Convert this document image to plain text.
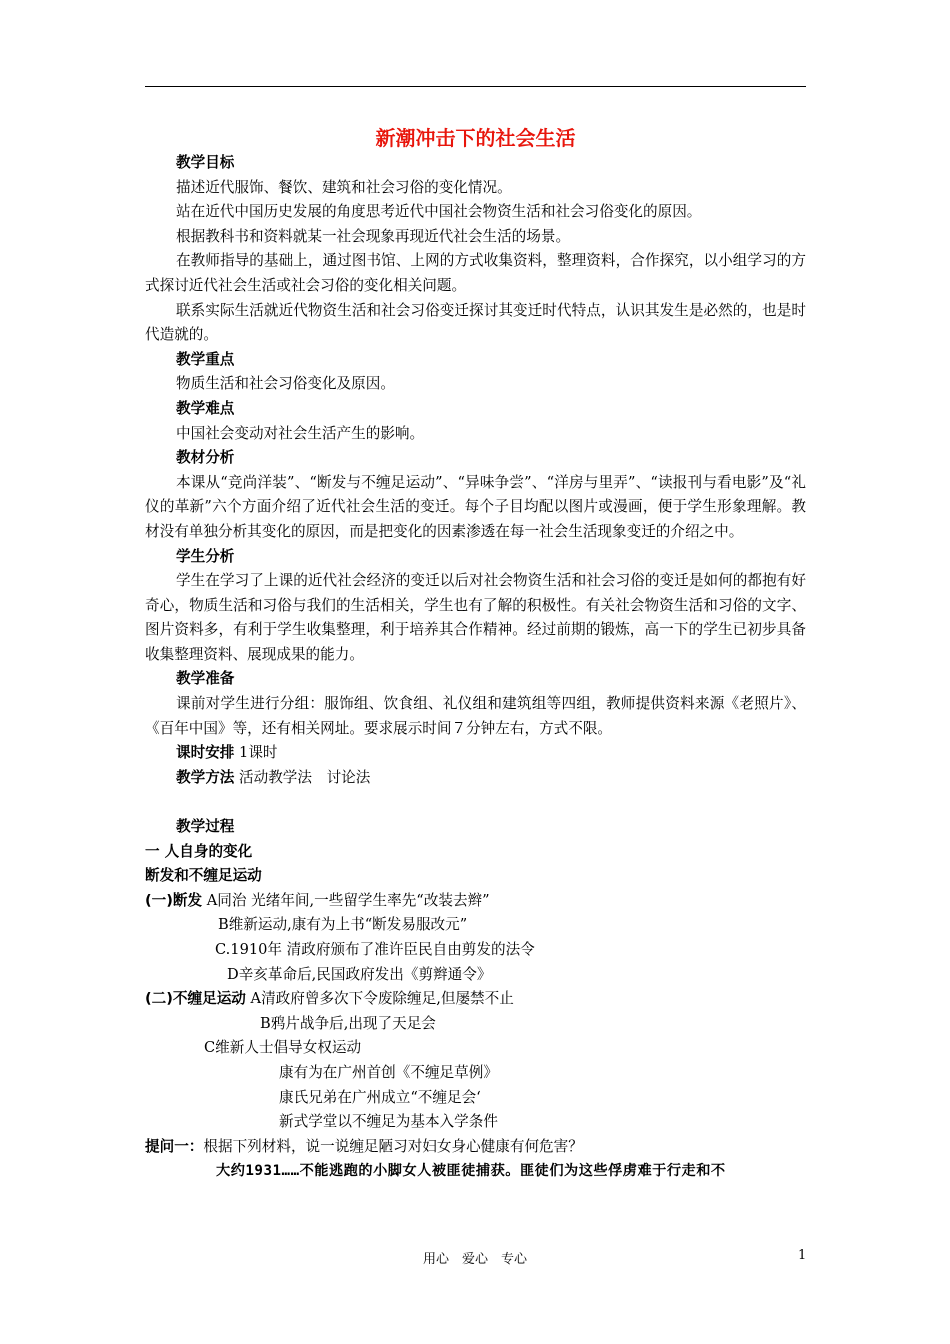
新潮冲击下的社会生活

教学目标

描述近代服饰、餐饮、建筑和社会习俗的变化情况。

站在近代中国历史发展的角度思考近代中国社会物资生活和社会习俗变化的原因。

根据教科书和资料就某一社会现象再现近代社会生活的场景。

在教师指导的基础上，通过图书馆、上网的方式收集资料，整理资料，合作探究，以小组学习的方式探讨近代社会生活或社会习俗的变化相关问题。

联系实际生活就近代物资生活和社会习俗变迁探讨其变迁时代特点，认识其发生是必然的，也是时代造就的。

教学重点

物质生活和社会习俗变化及原因。

教学难点

中国社会变动对社会生活产生的影响。

教材分析

本课从“竞尚洋装”、“断发与不缠足运动”、“异味争尝”、“洋房与里弄”、“读报刊与看电影”及“礼仪的革新”六个方面介绍了近代社会生活的变迁。每个子目均配以图片或漫画，便于学生形象理解。教材没有单独分析其变化的原因，而是把变化的因素渗透在每一社会生活现象变迁的介绍之中。

学生分析

学生在学习了上课的近代社会经济的变迁以后对社会物资生活和社会习俗的变迁是如何的都抱有好奇心，物质生活和习俗与我们的生活相关，学生也有了解的积极性。有关社会物资生活和习俗的文字、图片资料多，有利于学生收集整理，利于培养其合作精神。经过前期的锻炼，高一下的学生已初步具备收集整理资料、展现成果的能力。

教学准备

课前对学生进行分组：服饰组、饮食组、礼仪组和建筑组等四组，教师提供资料来源《老照片》、《百年中国》等，还有相关网址。要求展示时间７分钟左右，方式不限。

课时安排 1课时

教学方法 活动教学法　讨论法

教学过程

一 人自身的变化

断发和不缠足运动

(一)断发 A同治 光绪年间,一些留学生率先“改装去辫”

B维新运动,康有为上书“断发易服改元”

C.1910年 清政府颁布了准许臣民自由剪发的法令

D辛亥革命后,民国政府发出《剪辫通令》

(二)不缠足运动 A清政府曾多次下令废除缠足,但屡禁不止

B鸦片战争后,出现了天足会

C维新人士倡导女权运动

康有为在广州首创《不缠足草例》

康氏兄弟在广州成立“不缠足会‘

新式学堂以不缠足为基本入学条件

提问一：根据下列材料，说一说缠足陋习对妇女身心健康有何危害？

大约1931……不能逃跑的小脚女人被匪徒捕获。匪徒们为这些俘虏难于行走和不

用心　爱心　专心	1
